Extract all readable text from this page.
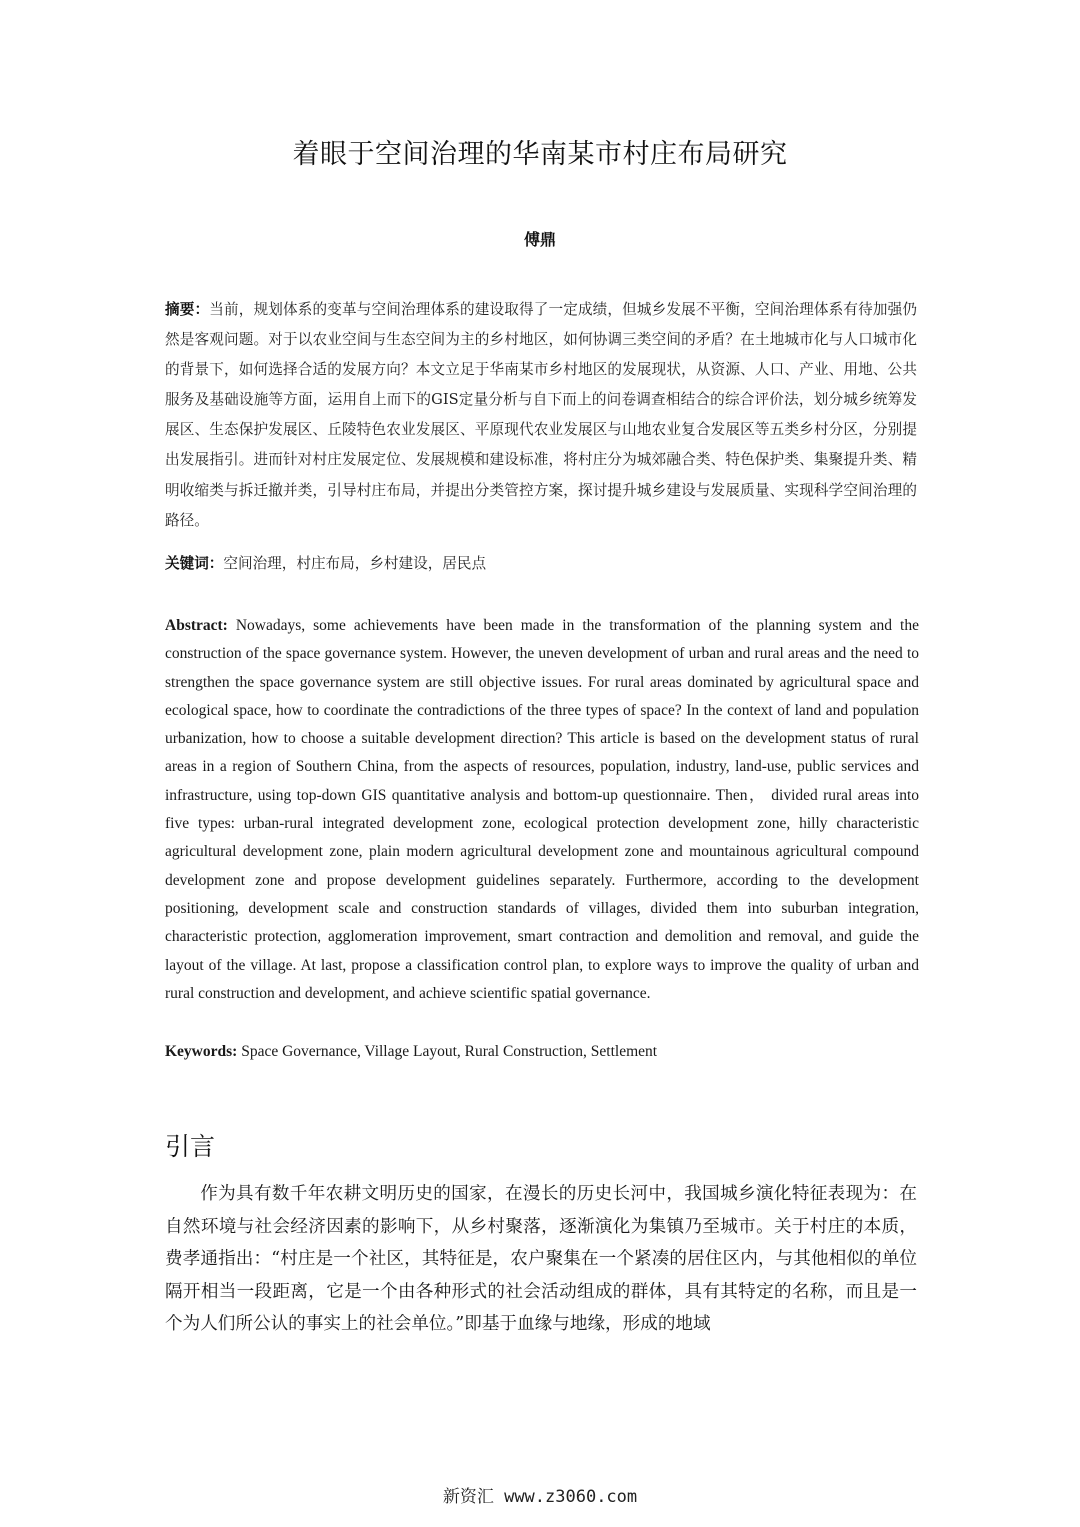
着眼于空间治理的华南某市村庄布局研究
傅鼎
摘要：当前，规划体系的变革与空间治理体系的建设取得了一定成绩，但城乡发展不平衡，空间治理体系有待加强仍然是客观问题。对于以农业空间与生态空间为主的乡村地区，如何协调三类空间的矛盾？在土地城市化与人口城市化的背景下，如何选择合适的发展方向？本文立足于华南某市乡村地区的发展现状，从资源、人口、产业、用地、公共服务及基础设施等方面，运用自上而下的GIS定量分析与自下而上的问卷调查相结合的综合评价法，划分城乡统筹发展区、生态保护发展区、丘陵特色农业发展区、平原现代农业发展区与山地农业复合发展区等五类乡村分区，分别提出发展指引。进而针对村庄发展定位、发展规模和建设标准，将村庄分为城郊融合类、特色保护类、集聚提升类、精明收缩类与拆迁撤并类，引导村庄布局，并提出分类管控方案，探讨提升城乡建设与发展质量、实现科学空间治理的路径。
关键词：空间治理，村庄布局，乡村建设，居民点
Abstract: Nowadays, some achievements have been made in the transformation of the planning system and the construction of the space governance system. However, the uneven development of urban and rural areas and the need to strengthen the space governance system are still objective issues. For rural areas dominated by agricultural space and ecological space, how to coordinate the contradictions of the three types of space? In the context of land and population urbanization, how to choose a suitable development direction? This article is based on the development status of rural areas in a region of Southern China, from the aspects of resources, population, industry, land-use, public services and infrastructure, using top-down GIS quantitative analysis and bottom-up questionnaire. Then， divided rural areas into five types: urban-rural integrated development zone, ecological protection development zone, hilly characteristic agricultural development zone, plain modern agricultural development zone and mountainous agricultural compound development zone and propose development guidelines separately. Furthermore, according to the development positioning, development scale and construction standards of villages, divided them into suburban integration, characteristic protection, agglomeration improvement, smart contraction and demolition and removal, and guide the layout of the village. At last, propose a classification control plan, to explore ways to improve the quality of urban and rural construction and development, and achieve scientific spatial governance.
Keywords: Space Governance, Village Layout, Rural Construction, Settlement
引言

作为具有数千年农耕文明历史的国家，在漫长的历史长河中，我国城乡演化特征表现为：在自然环境与社会经济因素的影响下，从乡村聚落，逐渐演化为集镇乃至城市。关于村庄的本质，费孝通指出：“村庄是一个社区，其特征是，农户聚集在一个紧凑的居住区内，与其他相似的单位隔开相当一段距离，它是一个由各种形式的社会活动组成的群体，具有其特定的名称，而且是一个为人们所公认的事实上的社会单位。”即基于血缘与地缘，形成的地域

新资汇 www.z3060.com
